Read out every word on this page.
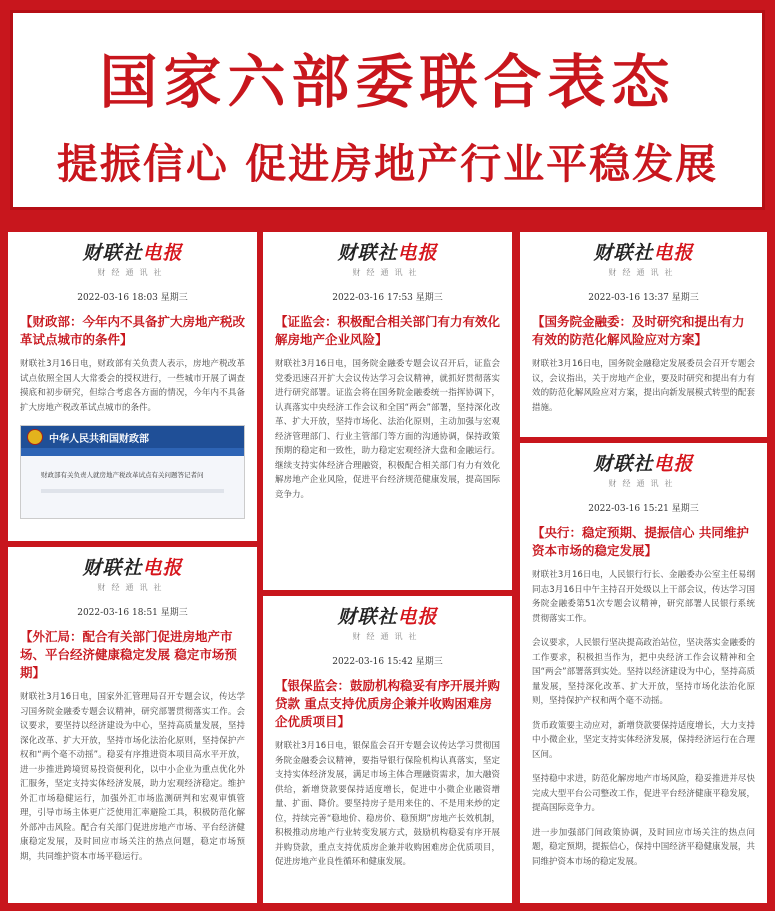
国家六部委联合表态
提振信心 促进房地产行业平稳发展
财联社电报
财经通讯社
2022-03-16 18:03 星期三
【财政部：今年内不具备扩大房地产税改革试点城市的条件】

财联社3月16日电，财政部有关负责人表示，房地产税改革试点依照全国人大常委会的授权进行，一些城市开展了调查摸底和初步研究，但综合考虑各方面的情况，今年内不具备扩大房地产税改革试点城市的条件。

中华人民共和国财政部
财政部有关负责人就房地产税改革试点有关问题答记者问
财联社电报
财经通讯社
2022-03-16 17:53 星期三
【证监会：积极配合相关部门有力有效化解房地产企业风险】

财联社3月16日电，国务院金融委专题会议召开后，证监会党委迅速召开扩大会议传达学习会议精神，就抓好贯彻落实进行研究部署。证监会将在国务院金融委统一指挥协调下，认真落实中央经济工作会议和全国“两会”部署，坚持深化改革、扩大开放，坚持市场化、法治化原则，主动加强与宏观经济管理部门、行业主管部门等方面的沟通协调，保持政策预期的稳定和一致性，助力稳定宏观经济大盘和金融运行。继续支持实体经济合理融资，积极配合相关部门有力有效化解房地产企业风险，促进平台经济规范健康发展，提高国际竞争力。

财联社电报
财经通讯社
2022-03-16 13:37 星期三
【国务院金融委：及时研究和提出有力有效的防范化解风险应对方案】

财联社3月16日电，国务院金融稳定发展委员会召开专题会议，会议指出，关于房地产企业，要及时研究和提出有力有效的防范化解风险应对方案，提出向新发展模式转型的配套措施。

财联社电报
财经通讯社
2022-03-16 18:51 星期三
【外汇局：配合有关部门促进房地产市场、平台经济健康稳定发展 稳定市场预期】

财联社3月16日电，国家外汇管理局召开专题会议，传达学习国务院金融委专题会议精神，研究部署贯彻落实工作。会议要求，要坚持以经济建设为中心，坚持高质量发展，坚持深化改革、扩大开放，坚持市场化法治化原则，坚持保护产权和“两个毫不动摇”。稳妥有序推进资本项目高水平开放，进一步推进跨境贸易投资便利化，以中小企业为重点优化外汇服务，坚定支持实体经济发展，助力宏观经济稳定。维护外汇市场稳健运行，加强外汇市场监测研判和宏观审慎管理，引导市场主体更广泛使用汇率避险工具，积极防范化解外部冲击风险。配合有关部门促进房地产市场、平台经济健康稳定发展，及时回应市场关注的热点问题，稳定市场预期，共同维护资本市场平稳运行。

财联社电报
财经通讯社
2022-03-16 15:42 星期三
【银保监会：鼓励机构稳妥有序开展并购贷款 重点支持优质房企兼并收购困难房企优质项目】

财联社3月16日电，银保监会召开专题会议传达学习贯彻国务院金融委会议精神，要指导银行保险机构认真落实，坚定支持实体经济发展，满足市场主体合理融资需求，加大融资供给，新增贷款要保持适度增长，促进中小微企业融资增量、扩面、降价。要坚持房子是用来住的、不是用来炒的定位，持续完善“稳地价、稳房价、稳预期”房地产长效机制，积极推动房地产行业转变发展方式，鼓励机构稳妥有序开展并购贷款，重点支持优质房企兼并收购困难房企优质项目，促进房地产业良性循环和健康发展。

财联社电报
财经通讯社
2022-03-16 15:21 星期三
【央行：稳定预期、提振信心 共同维护资本市场的稳定发展】

财联社3月16日电，人民银行行长、金融委办公室主任易纲同志3月16日中午主持召开处级以上干部会议，传达学习国务院金融委第51次专题会议精神，研究部署人民银行系统贯彻落实工作。

会议要求，人民银行坚决提高政治站位，坚决落实金融委的工作要求，积极担当作为，把中央经济工作会议精神和全国“两会”部署落到实处。坚持以经济建设为中心，坚持高质量发展，坚持深化改革、扩大开放，坚持市场化法治化原则，坚持保护产权和两个毫不动摇。

货币政策要主动应对，新增贷款要保持适度增长，大力支持中小微企业，坚定支持实体经济发展，保持经济运行在合理区间。

坚持稳中求进，防范化解房地产市场风险，稳妥推进并尽快完成大型平台公司整改工作，促进平台经济健康平稳发展，提高国际竞争力。

进一步加强部门间政策协调，及时回应市场关注的热点问题，稳定预期，提振信心，保持中国经济平稳健康发展，共同维护资本市场的稳定发展。
